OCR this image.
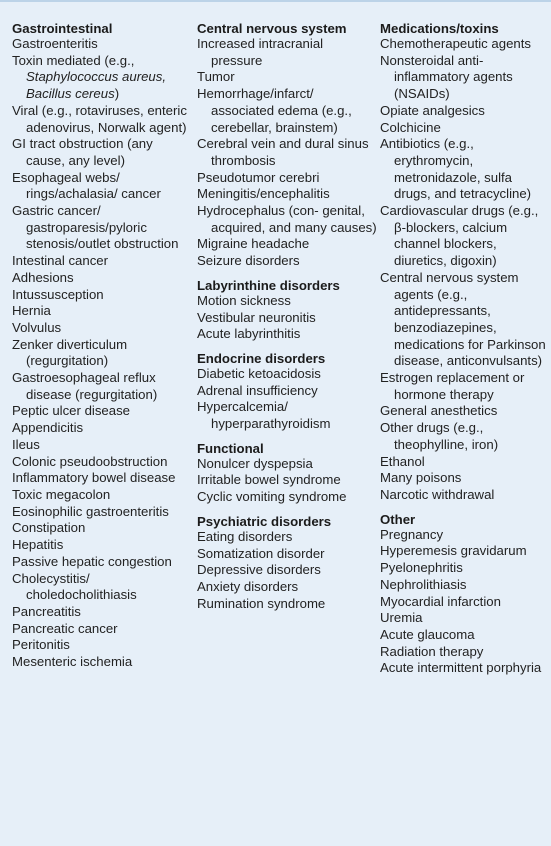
Gastrointestinal
Gastroenteritis
Toxin mediated (e.g., Staphylococcus aureus, Bacillus cereus)
Viral (e.g., rotaviruses, enteric adenovirus, Norwalk agent)
GI tract obstruction (any cause, any level)
Esophageal webs/ rings/achalasia/ cancer
Gastric cancer/ gastroparesis/pyloric stenosis/outlet obstruction
Intestinal cancer
Adhesions
Intussusception
Hernia
Volvulus
Zenker diverticulum (regurgitation)
Gastroesophageal reflux disease (regurgitation)
Peptic ulcer disease
Appendicitis
Ileus
Colonic pseudoobstruction
Inflammatory bowel disease
Toxic megacolon
Eosinophilic gastroenteritis
Constipation
Hepatitis
Passive hepatic congestion
Cholecystitis/ choledocholithiasis
Pancreatitis
Pancreatic cancer
Peritonitis
Mesenteric ischemia
Central nervous system
Increased intracranial pressure
Tumor
Hemorrhage/infarct/ associated edema (e.g., cerebellar, brainstem)
Cerebral vein and dural sinus thrombosis
Pseudotumor cerebri
Meningitis/encephalitis
Hydrocephalus (con- genital, acquired, and many causes)
Migraine headache
Seizure disorders
Labyrinthine disorders
Motion sickness
Vestibular neuronitis
Acute labyrinthitis
Endocrine disorders
Diabetic ketoacidosis
Adrenal insufficiency
Hypercalcemia/ hyperparathyroidism
Functional
Nonulcer dyspepsia
Irritable bowel syndrome
Cyclic vomiting syndrome
Psychiatric disorders
Eating disorders
Somatization disorder
Depressive disorders
Anxiety disorders
Rumination syndrome
Medications/toxins
Chemotherapeutic agents
Nonsteroidal anti- inflammatory agents (NSAIDs)
Opiate analgesics
Colchicine
Antibiotics (e.g., erythromycin, metronidazole, sulfa drugs, and tetracycline)
Cardiovascular drugs (e.g., β-blockers, calcium channel blockers, diuretics, digoxin)
Central nervous system agents (e.g., antidepressants, benzodiazepines, medications for Parkinson disease, anticonvulsants)
Estrogen replacement or hormone therapy
General anesthetics
Other drugs (e.g., theophylline, iron)
Ethanol
Many poisons
Narcotic withdrawal
Other
Pregnancy
Hyperemesis gravidarum
Pyelonephritis
Nephrolithiasis
Myocardial infarction
Uremia
Acute glaucoma
Radiation therapy
Acute intermittent porphyria
